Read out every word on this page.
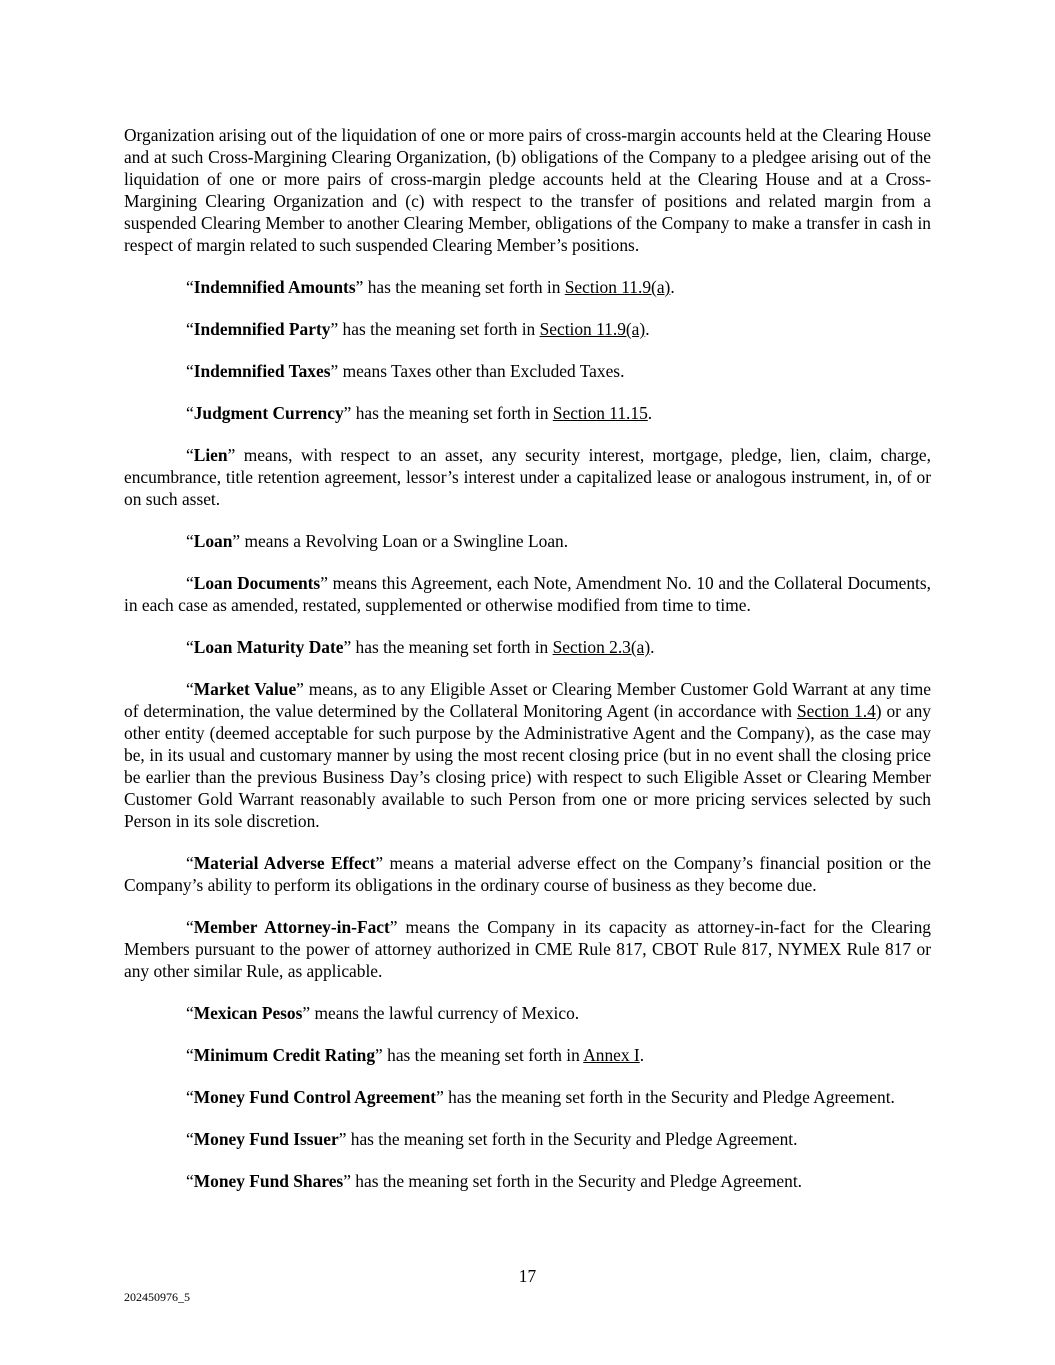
Organization arising out of the liquidation of one or more pairs of cross-margin accounts held at the Clearing House and at such Cross-Margining Clearing Organization, (b) obligations of the Company to a pledgee arising out of the liquidation of one or more pairs of cross-margin pledge accounts held at the Clearing House and at a Cross-Margining Clearing Organization and (c) with respect to the transfer of positions and related margin from a suspended Clearing Member to another Clearing Member, obligations of the Company to make a transfer in cash in respect of margin related to such suspended Clearing Member’s positions.

“Indemnified Amounts” has the meaning set forth in Section 11.9(a).

“Indemnified Party” has the meaning set forth in Section 11.9(a).

“Indemnified Taxes” means Taxes other than Excluded Taxes.

“Judgment Currency” has the meaning set forth in Section 11.15.

“Lien” means, with respect to an asset, any security interest, mortgage, pledge, lien, claim, charge, encumbrance, title retention agreement, lessor’s interest under a capitalized lease or analogous instrument, in, of or on such asset.

“Loan” means a Revolving Loan or a Swingline Loan.

“Loan Documents” means this Agreement, each Note, Amendment No. 10 and the Collateral Documents, in each case as amended, restated, supplemented or otherwise modified from time to time.

“Loan Maturity Date” has the meaning set forth in Section 2.3(a).

“Market Value” means, as to any Eligible Asset or Clearing Member Customer Gold Warrant at any time of determination, the value determined by the Collateral Monitoring Agent (in accordance with Section 1.4) or any other entity (deemed acceptable for such purpose by the Administrative Agent and the Company), as the case may be, in its usual and customary manner by using the most recent closing price (but in no event shall the closing price be earlier than the previous Business Day’s closing price) with respect to such Eligible Asset or Clearing Member Customer Gold Warrant reasonably available to such Person from one or more pricing services selected by such Person in its sole discretion.

“Material Adverse Effect” means a material adverse effect on the Company’s financial position or the Company’s ability to perform its obligations in the ordinary course of business as they become due.

“Member Attorney-in-Fact” means the Company in its capacity as attorney-in-fact for the Clearing Members pursuant to the power of attorney authorized in CME Rule 817, CBOT Rule 817, NYMEX Rule 817 or any other similar Rule, as applicable.

“Mexican Pesos” means the lawful currency of Mexico.

“Minimum Credit Rating” has the meaning set forth in Annex I.

“Money Fund Control Agreement” has the meaning set forth in the Security and Pledge Agreement.

“Money Fund Issuer” has the meaning set forth in the Security and Pledge Agreement.

“Money Fund Shares” has the meaning set forth in the Security and Pledge Agreement.

17
202450976_5
